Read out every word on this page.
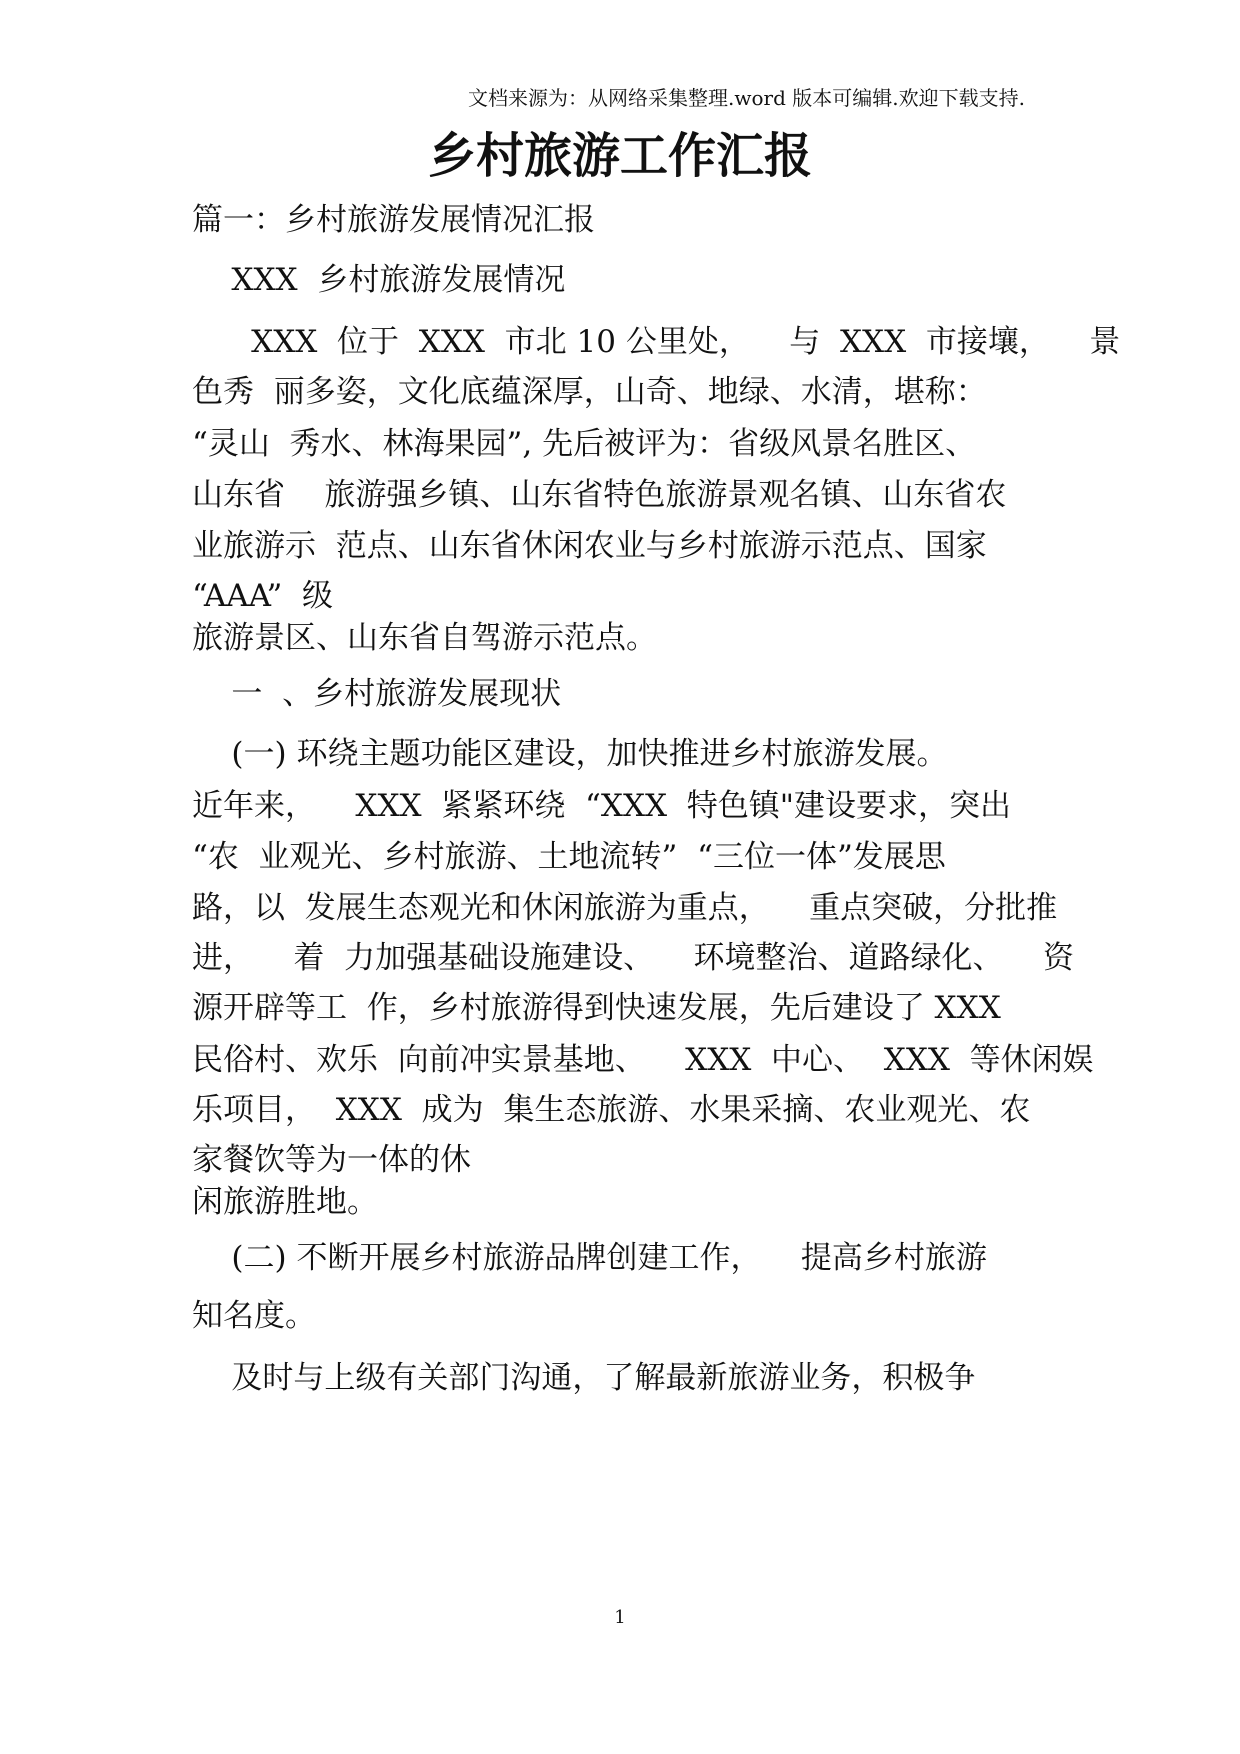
文档来源为：从网络采集整理.word 版本可编辑.欢迎下载支持.
乡村旅游工作汇报
篇一：乡村旅游发展情况汇报
XXX  乡村旅游发展情况
XXX  位于  XXX  市北 10 公里处，    与  XXX  市接壤，    景
色秀  丽多姿，文化底蕴深厚，山奇、地绿、水清，堪称：
“灵山  秀水、林海果园”, 先后被评为：省级风景名胜区、
山东省    旅游强乡镇、山东省特色旅游景观名镇、山东省农
业旅游示  范点、山东省休闲农业与乡村旅游示范点、国家
“AAA”  级
旅游景区、山东省自驾游示范点。
一  、乡村旅游发展现状
(一) 环绕主题功能区建设，加快推进乡村旅游发展。
近年来，    XXX  紧紧环绕  “XXX  特色镇"建设要求，突出
“农  业观光、乡村旅游、土地流转”  “三位一体”发展思
路，以  发展生态观光和休闲旅游为重点，    重点突破，分批推
进，    着  力加强基础设施建设、    环境整治、道路绿化、    资
源开辟等工  作，乡村旅游得到快速发展，先后建设了 XXX
民俗村、欢乐  向前冲实景基地、    XXX  中心、  XXX  等休闲娱
乐项目，  XXX  成为  集生态旅游、水果采摘、农业观光、农
家餐饮等为一体的休
闲旅游胜地。
(二) 不断开展乡村旅游品牌创建工作，    提高乡村旅游
知名度。
及时与上级有关部门沟通，了解最新旅游业务，积极争
1
